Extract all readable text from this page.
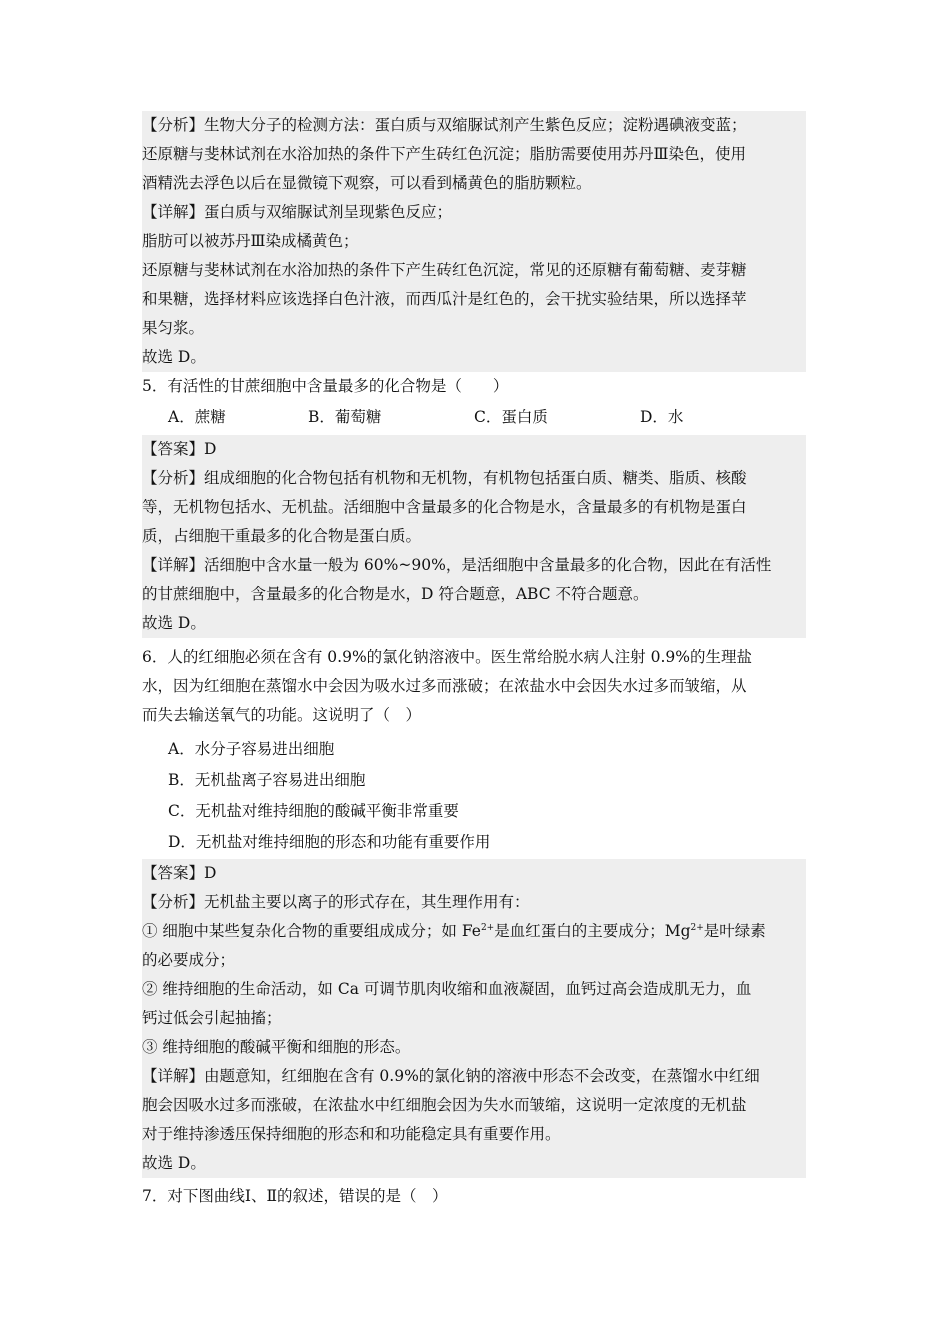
【分析】生物大分子的检测方法：蛋白质与双缩脲试剂产生紫色反应；淀粉遇碘液变蓝；
还原糖与斐林试剂在水浴加热的条件下产生砖红色沉淀；脂肪需要使用苏丹Ⅲ染色，使用
酒精洗去浮色以后在显微镜下观察，可以看到橘黄色的脂肪颗粒。
【详解】蛋白质与双缩脲试剂呈现紫色反应；
脂肪可以被苏丹Ⅲ染成橘黄色；
还原糖与斐林试剂在水浴加热的条件下产生砖红色沉淀，常见的还原糖有葡萄糖、麦芽糖
和果糖，选择材料应该选择白色汁液，而西瓜汁是红色的，会干扰实验结果，所以选择苹
果匀浆。
故选 D。
5．有活性的甘蔗细胞中含量最多的化合物是（　　）
A．蔗糖	B．葡萄糖	C．蛋白质	D．水
【答案】D
【分析】组成细胞的化合物包括有机物和无机物，有机物包括蛋白质、糖类、脂质、核酸
等，无机物包括水、无机盐。活细胞中含量最多的化合物是水，含量最多的有机物是蛋白
质，占细胞干重最多的化合物是蛋白质。
【详解】活细胞中含水量一般为 60%~90%，是活细胞中含量最多的化合物，因此在有活性
的甘蔗细胞中，含量最多的化合物是水，D 符合题意，ABC 不符合题意。
故选 D。
6．人的红细胞必须在含有 0.9%的氯化钠溶液中。医生常给脱水病人注射 0.9%的生理盐
水，因为红细胞在蒸馏水中会因为吸水过多而涨破；在浓盐水中会因失水过多而皱缩，从
而失去输送氧气的功能。这说明了（　）
A．水分子容易进出细胞
B．无机盐离子容易进出细胞
C．无机盐对维持细胞的酸碱平衡非常重要
D．无机盐对维持细胞的形态和功能有重要作用
【答案】D
【分析】无机盐主要以离子的形式存在，其生理作用有：
① 细胞中某些复杂化合物的重要组成成分；如 $Fe^{2+}$是血红蛋白的主要成分；$Mg^{2+}$是叶绿素
的必要成分；
② 维持细胞的生命活动，如 Ca 可调节肌肉收缩和血液凝固，血钙过高会造成肌无力，血
钙过低会引起抽搐；
③ 维持细胞的酸碱平衡和细胞的形态。
【详解】由题意知，红细胞在含有 0.9%的氯化钠的溶液中形态不会改变，在蒸馏水中红细
胞会因吸水过多而涨破，在浓盐水中红细胞会因为失水而皱缩，这说明一定浓度的无机盐
对于维持渗透压保持细胞的形态和和功能稳定具有重要作用。
故选 D。
7．对下图曲线Ⅰ、Ⅱ的叙述，错误的是（　）
